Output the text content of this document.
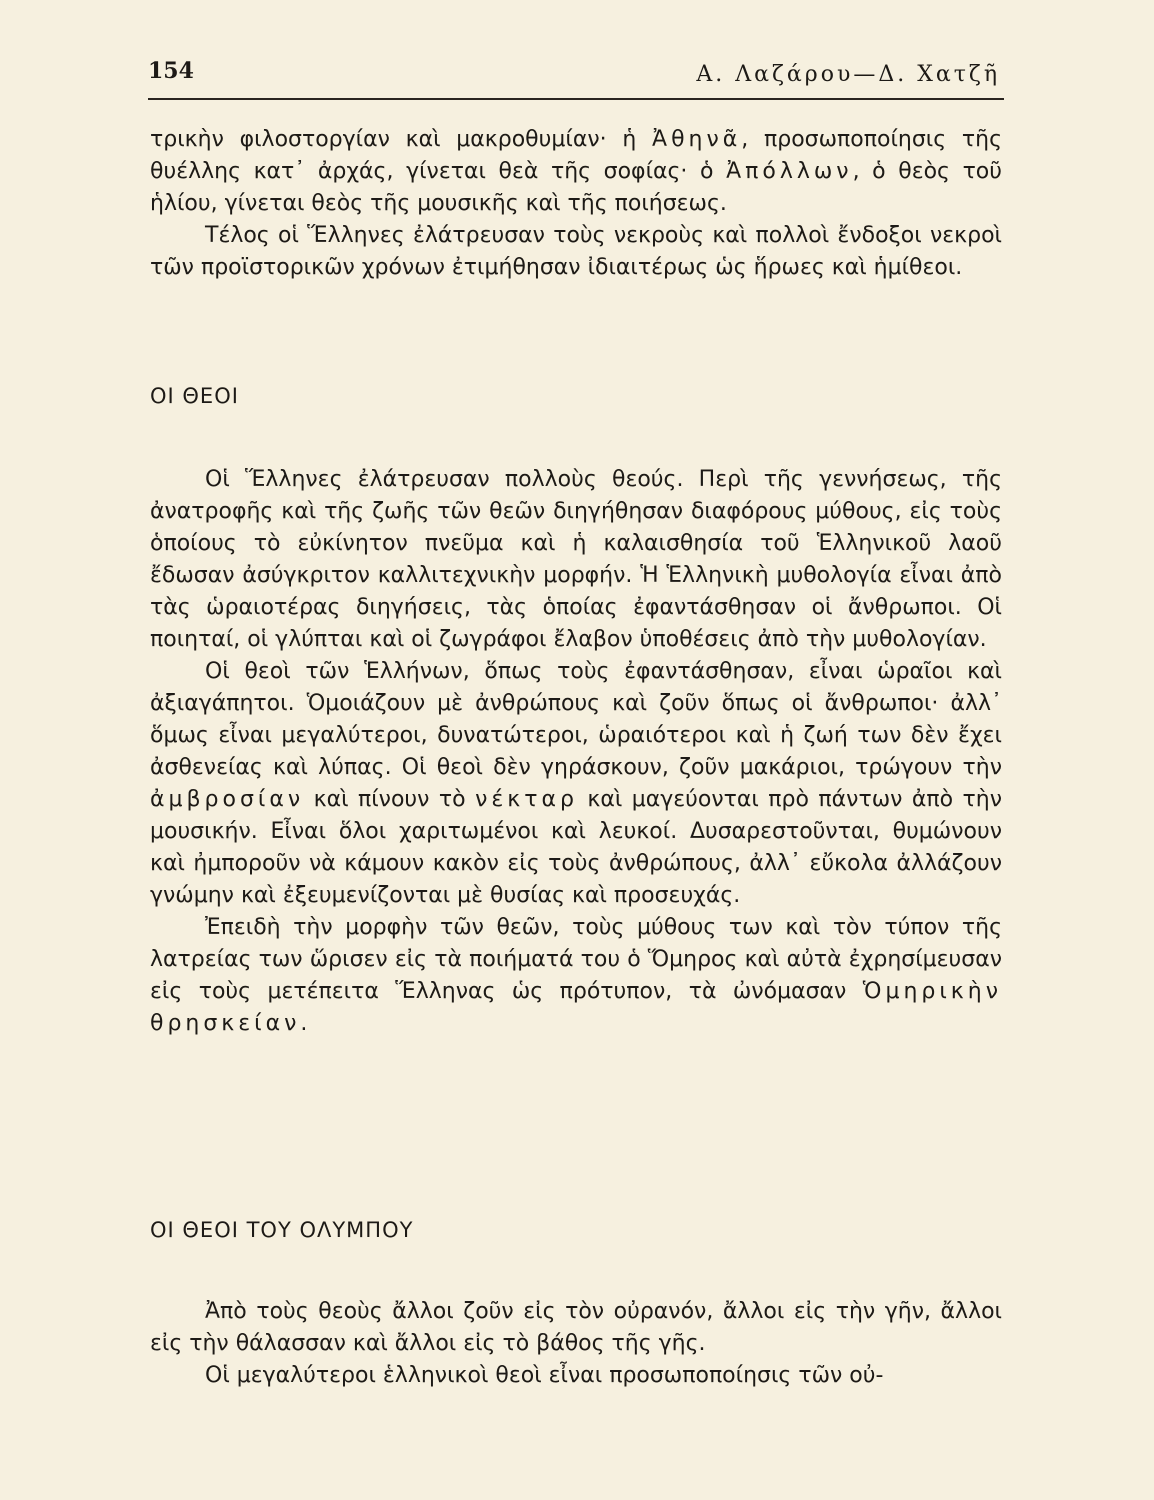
154	Α. Λαζάρου—Δ. Χατζῆ

τρικὴν φιλοστοργίαν καὶ μακροθυμίαν· ἡ Ἀθηνᾶ, προσωποποίησις τῆς θυέλλης κατ᾽ ἀρχάς, γίνεται θεὰ τῆς σοφίας· ὁ Ἀπόλλων, ὁ θεὸς τοῦ ἡλίου, γίνεται θεὸς τῆς μουσικῆς καὶ τῆς ποιήσεως.

Τέλος οἱ Ἕλληνες ἐλάτρευσαν τοὺς νεκροὺς καὶ πολλοὶ ἔνδοξοι νεκροὶ τῶν προϊστορικῶν χρόνων ἐτιμήθησαν ἰδιαιτέρως ὡς ἥρωες καὶ ἡμίθεοι.

ΟΙ ΘΕΟΙ

Οἱ Ἕλληνες ἐλάτρευσαν πολλοὺς θεούς. Περὶ τῆς γεννήσεως, τῆς ἀνατροφῆς καὶ τῆς ζωῆς τῶν θεῶν διηγήθησαν διαφόρους μύθους, εἰς τοὺς ὁποίους τὸ εὐκίνητον πνεῦμα καὶ ἡ καλαισθησία τοῦ Ἑλληνικοῦ λαοῦ ἔδωσαν ἀσύγκριτον καλλιτεχνικὴν μορφήν. Ἡ Ἑλληνικὴ μυθολογία εἶναι ἀπὸ τὰς ὡραιοτέρας διηγήσεις, τὰς ὁποίας ἐφαντάσθησαν οἱ ἄνθρωποι. Οἱ ποιηταί, οἱ γλύπται καὶ οἱ ζωγράφοι ἔλαβον ὑποθέσεις ἀπὸ τὴν μυθολογίαν.

Οἱ θεοὶ τῶν Ἑλλήνων, ὅπως τοὺς ἐφαντάσθησαν, εἶναι ὡραῖοι καὶ ἀξιαγάπητοι. Ὁμοιάζουν μὲ ἀνθρώπους καὶ ζοῦν ὅπως οἱ ἄνθρωποι· ἀλλ᾽ ὅμως εἶναι μεγαλύτεροι, δυνατώτεροι, ὡραιότεροι καὶ ἡ ζωή των δὲν ἔχει ἀσθενείας καὶ λύπας. Οἱ θεοὶ δὲν γηράσκουν, ζοῦν μακάριοι, τρώγουν τὴν ἀμβροσίαν καὶ πίνουν τὸ νέκταρ καὶ μαγεύονται πρὸ πάντων ἀπὸ τὴν μουσικήν. Εἶναι ὅλοι χαριτωμένοι καὶ λευκοί. Δυσαρεστοῦνται, θυμώνουν καὶ ἠμποροῦν νὰ κάμουν κακὸν εἰς τοὺς ἀνθρώπους, ἀλλ᾽ εὔκολα ἀλλάζουν γνώμην καὶ ἐξευμενίζονται μὲ θυσίας καὶ προσευχάς.

Ἐπειδὴ τὴν μορφὴν τῶν θεῶν, τοὺς μύθους των καὶ τὸν τύπον τῆς λατρείας των ὥρισεν εἰς τὰ ποιήματά του ὁ Ὅμηρος καὶ αὐτὰ ἐχρησίμευσαν εἰς τοὺς μετέπειτα Ἕλληνας ὡς πρότυπον, τὰ ὠνόμασαν Ὁμηρικὴν θρησκείαν.

ΟΙ ΘΕΟΙ ΤΟΥ ΟΛΥΜΠΟΥ

Ἀπὸ τοὺς θεοὺς ἄλλοι ζοῦν εἰς τὸν οὐρανόν, ἄλλοι εἰς τὴν γῆν, ἄλλοι εἰς τὴν θάλασσαν καὶ ἄλλοι εἰς τὸ βάθος τῆς γῆς.

Οἱ μεγαλύτεροι ἑλληνικοὶ θεοὶ εἶναι προσωποποίησις τῶν οὐ-
